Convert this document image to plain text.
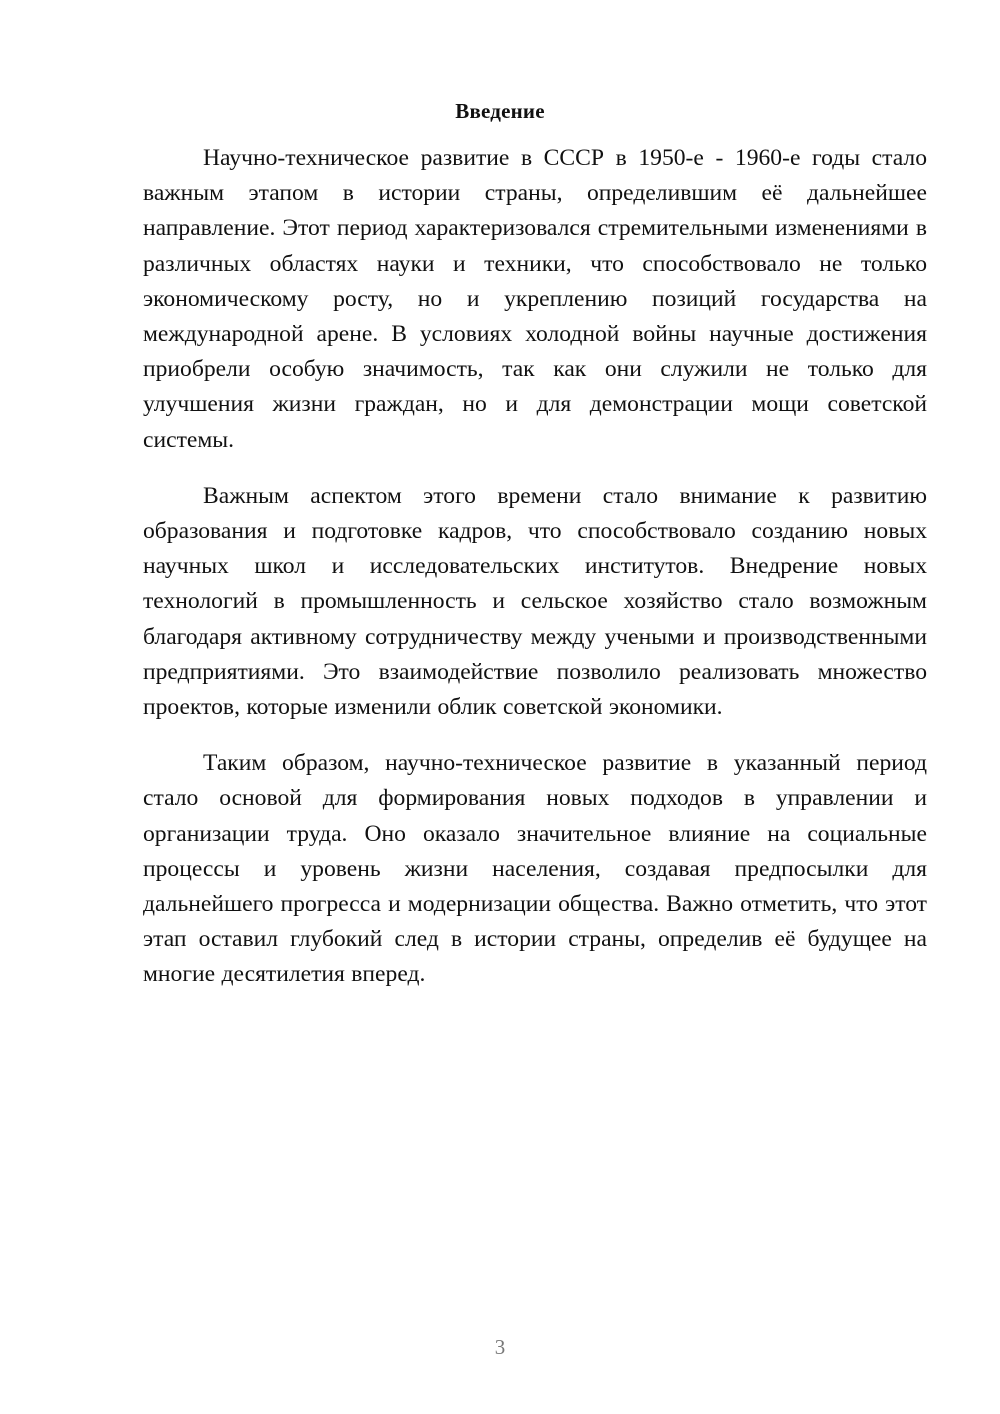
Введение

Научно-техническое развитие в СССР в 1950-е - 1960-е годы стало важным этапом в истории страны, определившим её дальнейшее направление. Этот период характеризовался стремительными изменениями в различных областях науки и техники, что способствовало не только экономическому росту, но и укреплению позиций государства на международной арене. В условиях холодной войны научные достижения приобрели особую значимость, так как они служили не только для улучшения жизни граждан, но и для демонстрации мощи советской системы.

Важным аспектом этого времени стало внимание к развитию образования и подготовке кадров, что способствовало созданию новых научных школ и исследовательских институтов. Внедрение новых технологий в промышленность и сельское хозяйство стало возможным благодаря активному сотрудничеству между учеными и производственными предприятиями. Это взаимодействие позволило реализовать множество проектов, которые изменили облик советской экономики.

Таким образом, научно-техническое развитие в указанный период стало основой для формирования новых подходов в управлении и организации труда. Оно оказало значительное влияние на социальные процессы и уровень жизни населения, создавая предпосылки для дальнейшего прогресса и модернизации общества. Важно отметить, что этот этап оставил глубокий след в истории страны, определив её будущее на многие десятилетия вперед.

3
